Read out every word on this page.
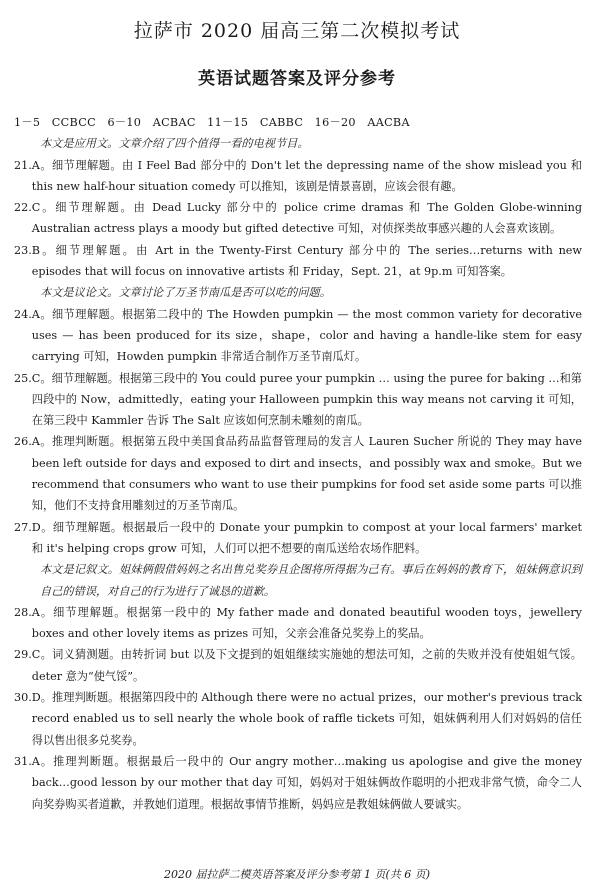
拉萨市 2020 届高三第二次模拟考试
英语试题答案及评分参考
1－5　CCBCC　6－10　ACBAC　11－15　CABBC　16－20　AACBA
本文是应用文。文章介绍了四个值得一看的电视节目。
21. A。细节理解题。由 I Feel Bad 部分中的 Don't let the depressing name of the show mislead you 和 this new half-hour situation comedy 可以推知，该剧是情景喜剧，应该会很有趣。
22. C。细节理解题。由 Dead Lucky 部分中的 police crime dramas 和 The Golden Globe-winning Australian actress plays a moody but gifted detective 可知，对侦探类故事感兴趣的人会喜欢该剧。
23. B。细节理解题。由 Art in the Twenty-First Century 部分中的 The series…returns with new episodes that will focus on innovative artists 和 Friday，Sept. 21，at 9p.m 可知答案。
本文是议论文。文章讨论了万圣节南瓜是否可以吃的问题。
24. A。细节理解题。根据第二段中的 The Howden pumpkin — the most common variety for decorative uses — has been produced for its size，shape，color and having a handle-like stem for easy carrying 可知，Howden pumpkin 非常适合制作万圣节南瓜灯。
25. C。细节理解题。根据第三段中的 You could puree your pumpkin … using the puree for baking …和第四段中的 Now，admittedly，eating your Halloween pumpkin this way means not carving it 可知，在第三段中 Kammler 告诉 The Salt 应该如何烹制未雕刻的南瓜。
26. A。推理判断题。根据第五段中美国食品药品监督管理局的发言人 Lauren Sucher 所说的 They may have been left outside for days and exposed to dirt and insects，and possibly wax and smoke。But we recommend that consumers who want to use their pumpkins for food set aside some parts 可以推知，他们不支持食用雕刻过的万圣节南瓜。
27. D。细节理解题。根据最后一段中的 Donate your pumpkin to compost at your local farmers' market 和 it's helping crops grow 可知，人们可以把不想要的南瓜送给农场作肥料。
本文是记叙文。姐妹俩假借妈妈之名出售兑奖券且企图将所得据为己有。事后在妈妈的教育下，姐妹俩意识到自己的错误，对自己的行为进行了诚恳的道歉。
28. A。细节理解题。根据第一段中的 My father made and donated beautiful wooden toys，jewellery boxes and other lovely items as prizes 可知，父亲会准备兑奖券上的奖品。
29. C。词义猜测题。由转折词 but 以及下文提到的姐姐继续实施她的想法可知，之前的失败并没有使姐姐气馁。deter 意为“使气馁”。
30. D。推理判断题。根据第四段中的 Although there were no actual prizes，our mother's previous track record enabled us to sell nearly the whole book of raffle tickets 可知，姐妹俩利用人们对妈妈的信任得以售出很多兑奖券。
31. A。推理判断题。根据最后一段中的 Our angry mother…making us apologise and give the money back…good lesson by our mother that day 可知，妈妈对于姐妹俩故作聪明的小把戏非常气愤，命令二人向奖券购买者道歉，并教她们道理。根据故事情节推断，妈妈应是教姐妹俩做人要诚实。
2020 届拉萨二模英语答案及评分参考第 1 页(共 6 页)
